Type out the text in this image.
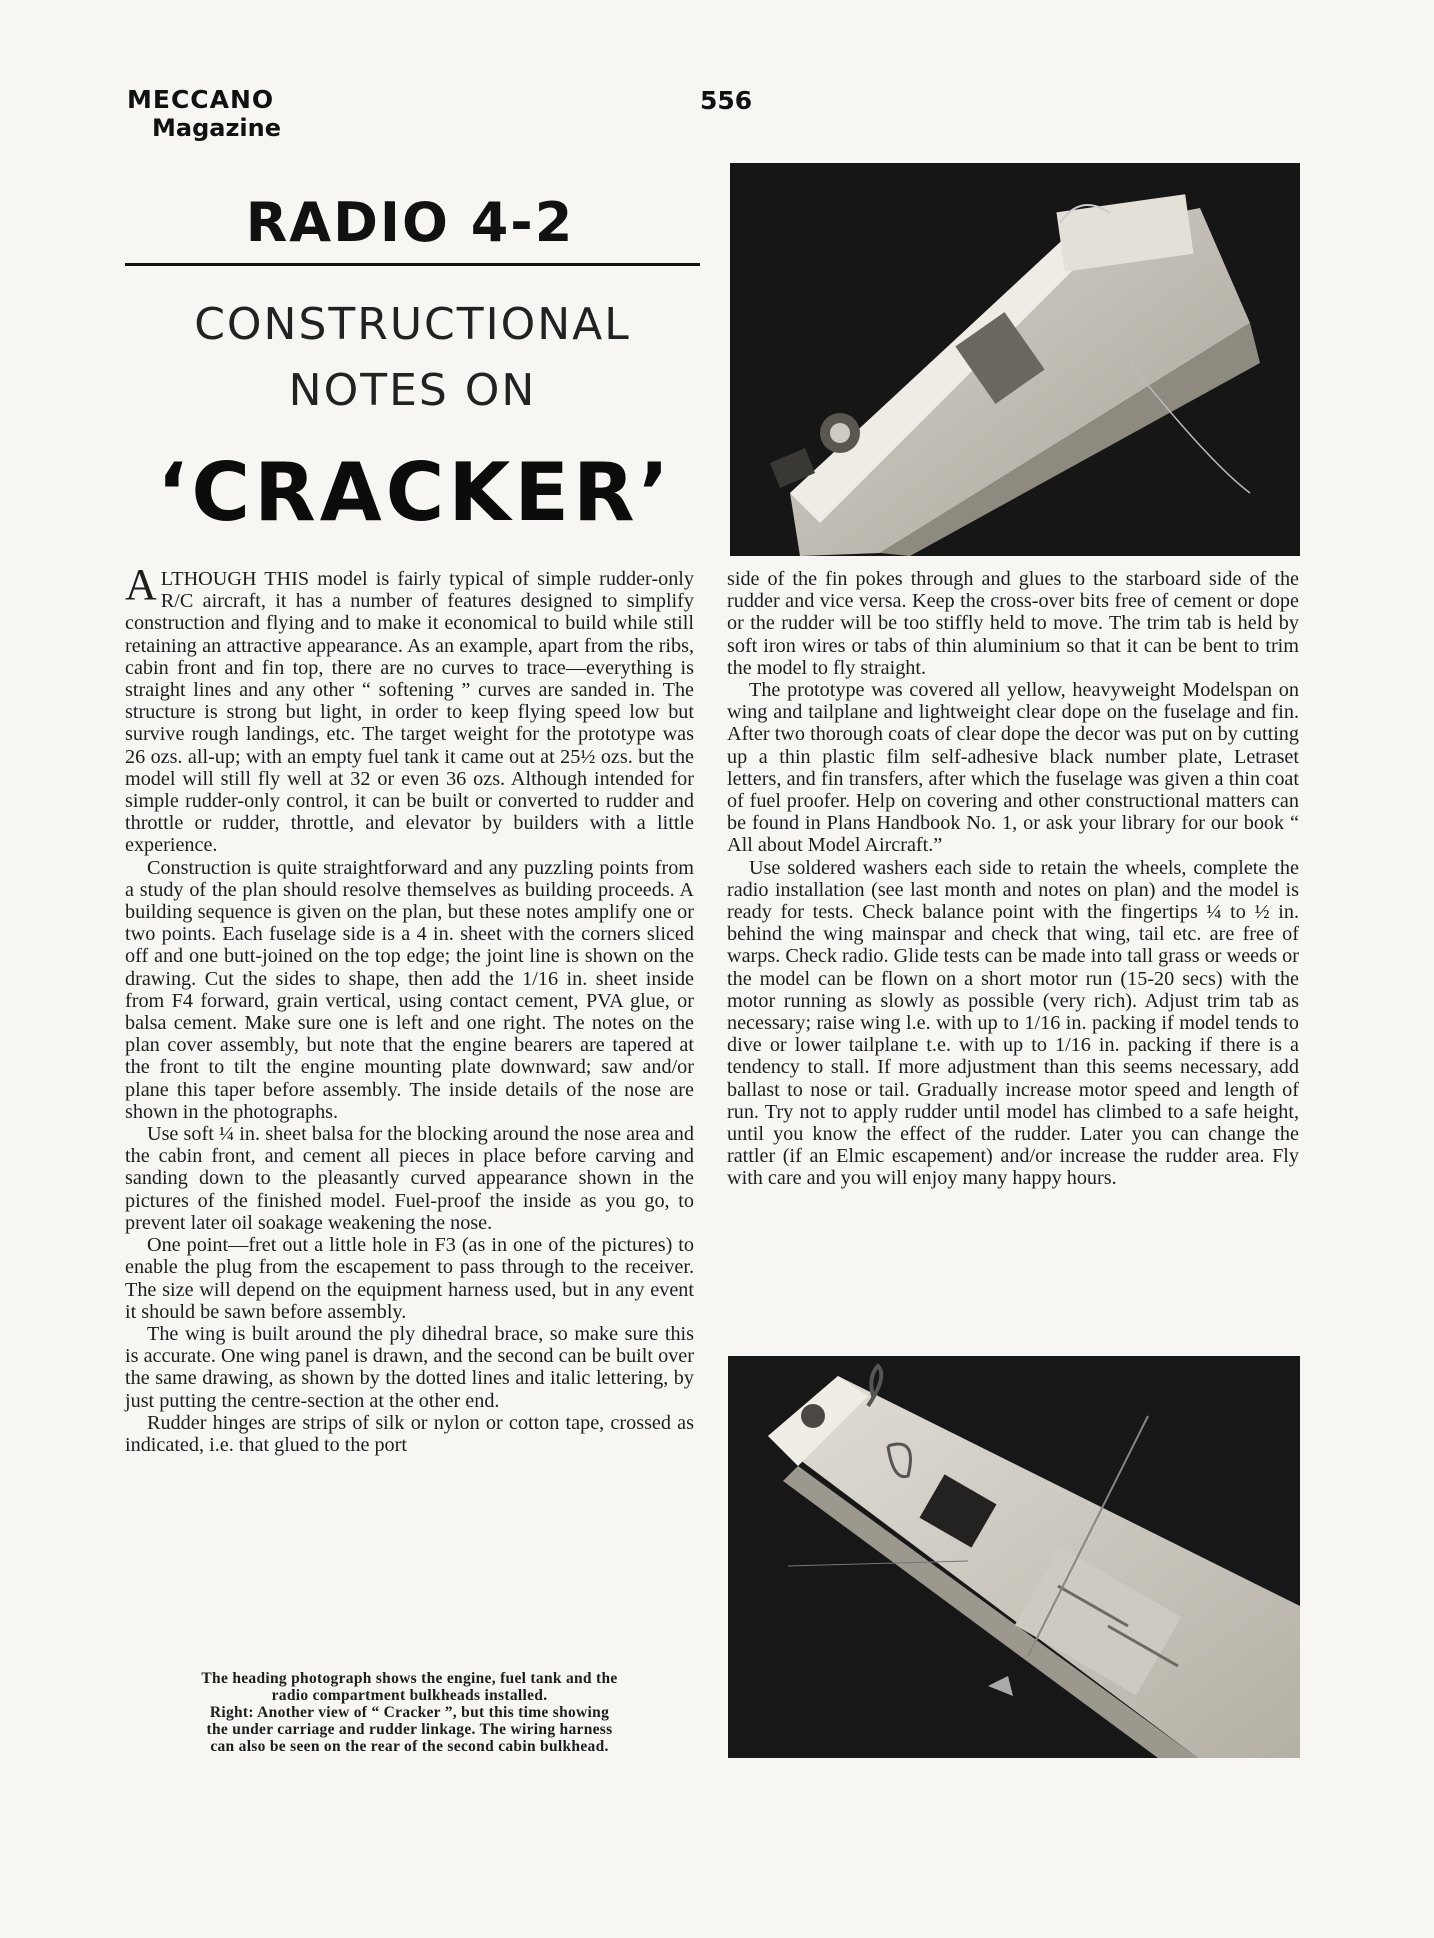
MECCANO
Magazine
556
RADIO 4-2
CONSTRUCTIONAL
NOTES ON
‘CRACKER’

ALTHOUGH THIS model is fairly typical of simple rudder-only R/C aircraft, it has a number of features designed to simplify construction and flying and to make it economical to build while still retaining an attractive appearance. As an example, apart from the ribs, cabin front and fin top, there are no curves to trace—everything is straight lines and any other “ softening ” curves are sanded in. The structure is strong but light, in order to keep flying speed low but survive rough landings, etc. The target weight for the prototype was 26 ozs. all-up; with an empty fuel tank it came out at 25½ ozs. but the model will still fly well at 32 or even 36 ozs. Although intended for simple rudder-only control, it can be built or converted to rudder and throttle or rudder, throttle, and elevator by builders with a little experience.

Construction is quite straightforward and any puzzling points from a study of the plan should resolve themselves as building proceeds. A building sequence is given on the plan, but these notes amplify one or two points. Each fuselage side is a 4 in. sheet with the corners sliced off and one butt-joined on the top edge; the joint line is shown on the drawing. Cut the sides to shape, then add the 1/16 in. sheet inside from F4 forward, grain vertical, using contact cement, PVA glue, or balsa cement. Make sure one is left and one right. The notes on the plan cover assembly, but note that the engine bearers are tapered at the front to tilt the engine mounting plate downward; saw and/or plane this taper before assembly. The inside details of the nose are shown in the photographs.

Use soft ¼ in. sheet balsa for the blocking around the nose area and the cabin front, and cement all pieces in place before carving and sanding down to the pleasantly curved appearance shown in the pictures of the finished model. Fuel-proof the inside as you go, to prevent later oil soakage weakening the nose.

One point—fret out a little hole in F3 (as in one of the pictures) to enable the plug from the escapement to pass through to the receiver. The size will depend on the equipment harness used, but in any event it should be sawn before assembly.

The wing is built around the ply dihedral brace, so make sure this is accurate. One wing panel is drawn, and the second can be built over the same drawing, as shown by the dotted lines and italic lettering, by just putting the centre-section at the other end.

Rudder hinges are strips of silk or nylon or cotton tape, crossed as indicated, i.e. that glued to the port

The heading photograph shows the engine, fuel tank and the
radio compartment bulkheads installed.
Right: Another view of “ Cracker ”, but this time showing
the under carriage and rudder linkage. The wiring harness
can also be seen on the rear of the second cabin bulkhead.

side of the fin pokes through and glues to the starboard side of the rudder and vice versa. Keep the cross-over bits free of cement or dope or the rudder will be too stiffly held to move. The trim tab is held by soft iron wires or tabs of thin aluminium so that it can be bent to trim the model to fly straight.

The prototype was covered all yellow, heavyweight Modelspan on wing and tailplane and lightweight clear dope on the fuselage and fin. After two thorough coats of clear dope the decor was put on by cutting up a thin plastic film self-adhesive black number plate, Letraset letters, and fin transfers, after which the fuselage was given a thin coat of fuel proofer. Help on covering and other constructional matters can be found in Plans Handbook No. 1, or ask your library for our book “ All about Model Aircraft.”

Use soldered washers each side to retain the wheels, complete the radio installation (see last month and notes on plan) and the model is ready for tests. Check balance point with the fingertips ¼ to ½ in. behind the wing mainspar and check that wing, tail etc. are free of warps. Check radio. Glide tests can be made into tall grass or weeds or the model can be flown on a short motor run (15-20 secs) with the motor running as slowly as possible (very rich). Adjust trim tab as necessary; raise wing l.e. with up to 1/16 in. packing if model tends to dive or lower tailplane t.e. with up to 1/16 in. packing if there is a tendency to stall. If more adjustment than this seems necessary, add ballast to nose or tail. Gradually increase motor speed and length of run. Try not to apply rudder until model has climbed to a safe height, until you know the effect of the rudder. Later you can change the rattler (if an Elmic escapement) and/or increase the rudder area. Fly with care and you will enjoy many happy hours.
